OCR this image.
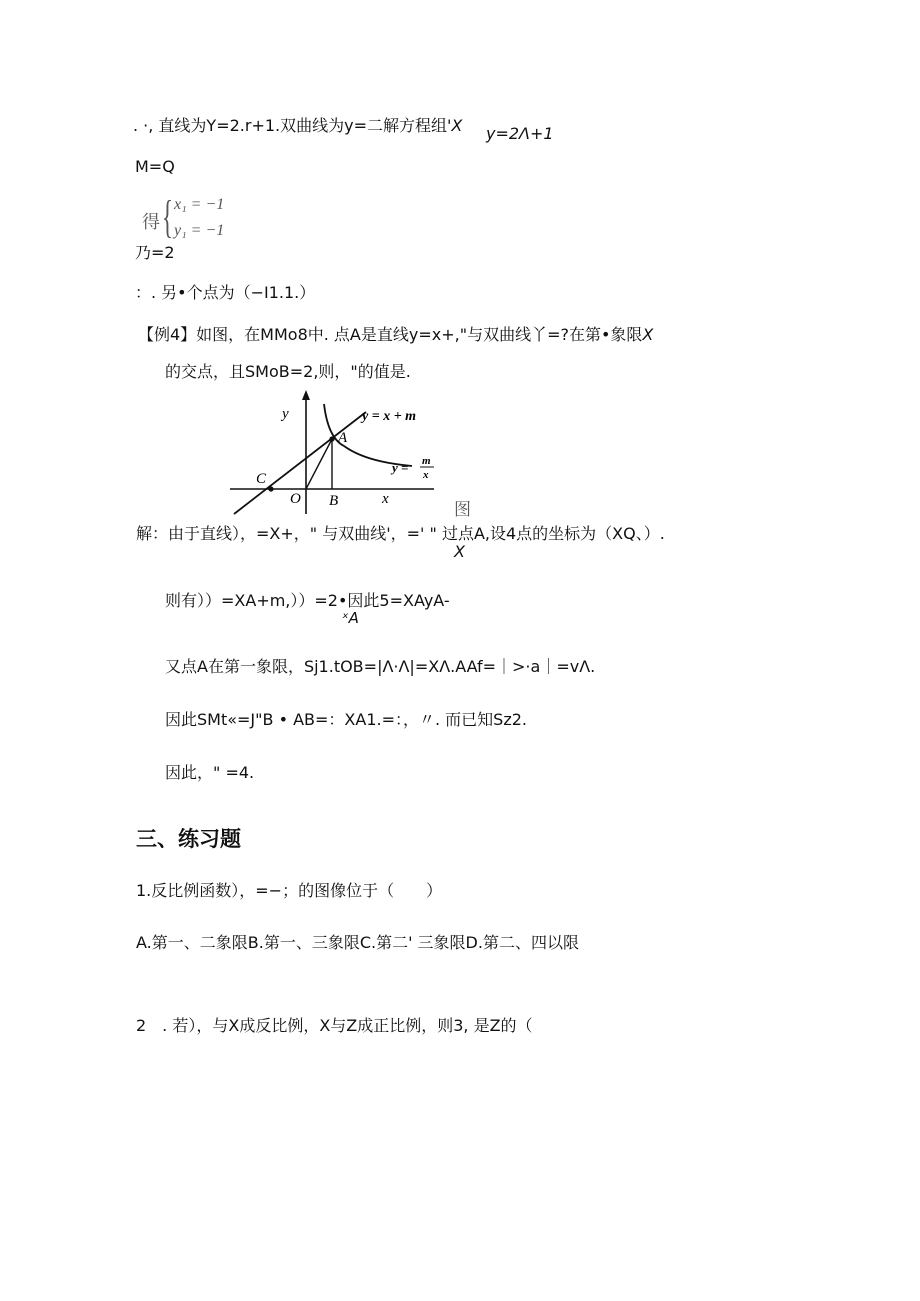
. ·, 直线为Y=2.r+1.双曲线为y=二解方程组'X y=2Λ+1
M=Q
得 { x₁ = −1
y₁ = −1
乃=2
：. 另•个点为（−I1.1.）
【例4】如图，在MMo8中. 点A是直线y=x+,"与双曲线丫=?在第•象限X
的交点，且SMoB=2,则，"的值是.
y
x
O
A
B
C
y = x + m
y = m
x
解：由于直线），=X+，" 与双曲线'，=' " 过点A,设4点的坐标为（XQ、）.
图
X
则有））=XA+m,））=2•因此5=XAyA-
ˣA
又点A在第一象限，Sj1.tOB=|Λ·Λ|=XΛ.AAf=｜>·a｜=vΛ.
因此SMt«=J"B • AB=：XA1.=：，〃. 而已知Sz2.
因此，" =4.
三、练习题
1.反比例函数），=−；的图像位于（　　）
A.第一、二象限B.第一、三象限C.第二' 三象限D.第二、四以限
2　. 若），与X成反比例，X与Z成正比例，则3, 是Z的（
